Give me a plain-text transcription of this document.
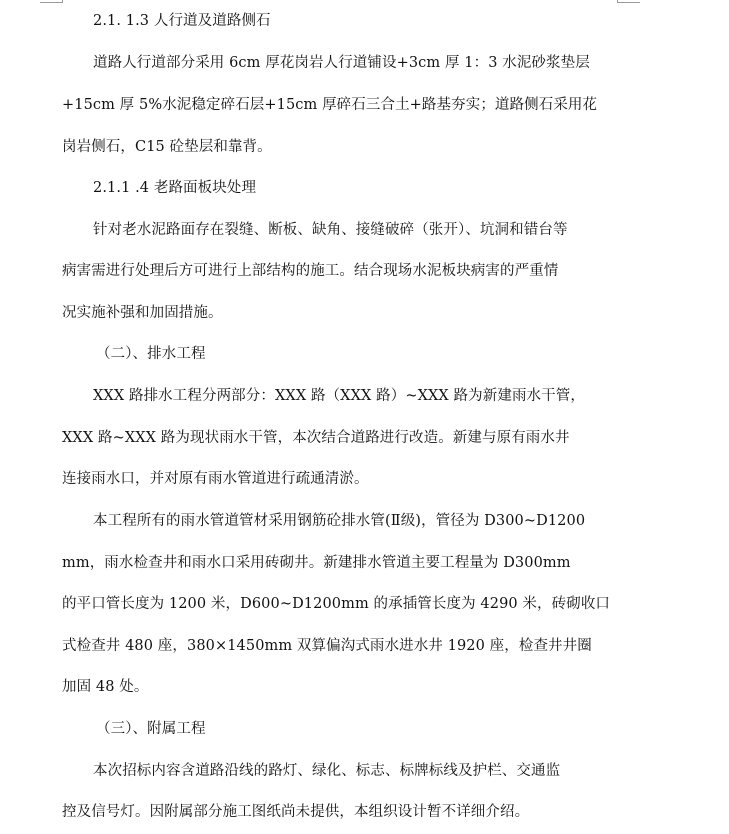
2.1. 1.3 人行道及道路侧石
道路人行道部分采用 6cm 厚花岗岩人行道铺设+3cm 厚 1：3 水泥砂浆垫层
+15cm 厚 5%水泥稳定碎石层+15cm 厚碎石三合土+路基夯实；道路侧石采用花
岗岩侧石，C15 砼垫层和靠背。
2.1.1 .4 老路面板块处理
针对老水泥路面存在裂缝、断板、缺角、接缝破碎（张开）、坑洞和错台等
病害需进行处理后方可进行上部结构的施工。结合现场水泥板块病害的严重情
况实施补强和加固措施。
（二）、排水工程
XXX 路排水工程分两部分：XXX 路（XXX 路）~XXX 路为新建雨水干管，
XXX 路~XXX 路为现状雨水干管，本次结合道路进行改造。新建与原有雨水井
连接雨水口，并对原有雨水管道进行疏通清淤。
本工程所有的雨水管道管材采用钢筋砼排水管(Ⅱ级)，管径为 D300~D1200
mm，雨水检查井和雨水口采用砖砌井。新建排水管道主要工程量为 D300mm
的平口管长度为 1200 米，D600~D1200mm 的承插管长度为 4290 米，砖砌收口
式检查井 480 座，380×1450mm 双算偏沟式雨水进水井 1920 座，检查井井圈
加固 48 处。
（三）、附属工程
本次招标内容含道路沿线的路灯、绿化、标志、标牌标线及护栏、交通监
控及信号灯。因附属部分施工图纸尚未提供，本组织设计暂不详细介绍。
